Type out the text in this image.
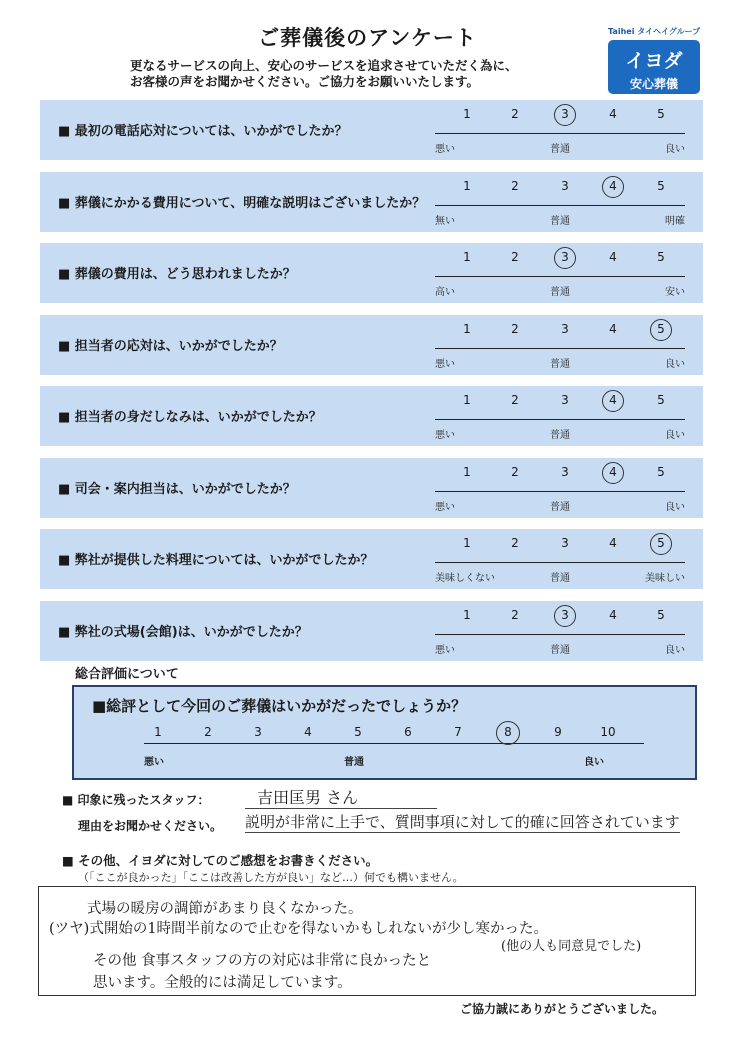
ご葬儀後のアンケート
更なるサービスの向上、安心のサービスを追求させていただく為に、
お客様の声をお聞かせください。ご協力をお願いいたします。
Taihei タイヘイグループ
イヨダ
安心葬儀
■ 最初の電話応対については、いかがでしたか？
1	2	3	4	5
悪い	普通	良い
■ 葬儀にかかる費用について、明確な説明はございましたか？
1	2	3	4	5
無い	普通	明確
■ 葬儀の費用は、どう思われましたか？
1	2	3	4	5
高い	普通	安い
■ 担当者の応対は、いかがでしたか？
1	2	3	4	5
悪い	普通	良い
■ 担当者の身だしなみは、いかがでしたか？
1	2	3	4	5
悪い	普通	良い
■ 司会・案内担当は、いかがでしたか？
1	2	3	4	5
悪い	普通	良い
■ 弊社が提供した料理については、いかがでしたか？
1	2	3	4	5
美味しくない	普通	美味しい
■ 弊社の式場(会館)は、いかがでしたか？
1	2	3	4	5
悪い	普通	良い
総合評価について
■総評として今回のご葬儀はいかがだったでしょうか？
1	2	3	4	5	6	7	8	9	10
悪い	普通	良い
■ 印象に残ったスタッフ：	吉田匡男 さん
理由をお聞かせください。 説明が非常に上手で、質問事項に対して的確に回答されています
■ その他、イヨダに対してのご感想をお書きください。
（「ここが良かった」「ここは改善した方が良い」など…）何でも構いません。
式場の暖房の調節があまり良くなかった。
(ツヤ)式開始の1時間半前なので止むを得ないかもしれないが少し寒かった。
(他の人も同意見でした)
その他 食事スタッフの方の対応は非常に良かったと
思います。全般的には満足しています。
ご協力誠にありがとうございました。
